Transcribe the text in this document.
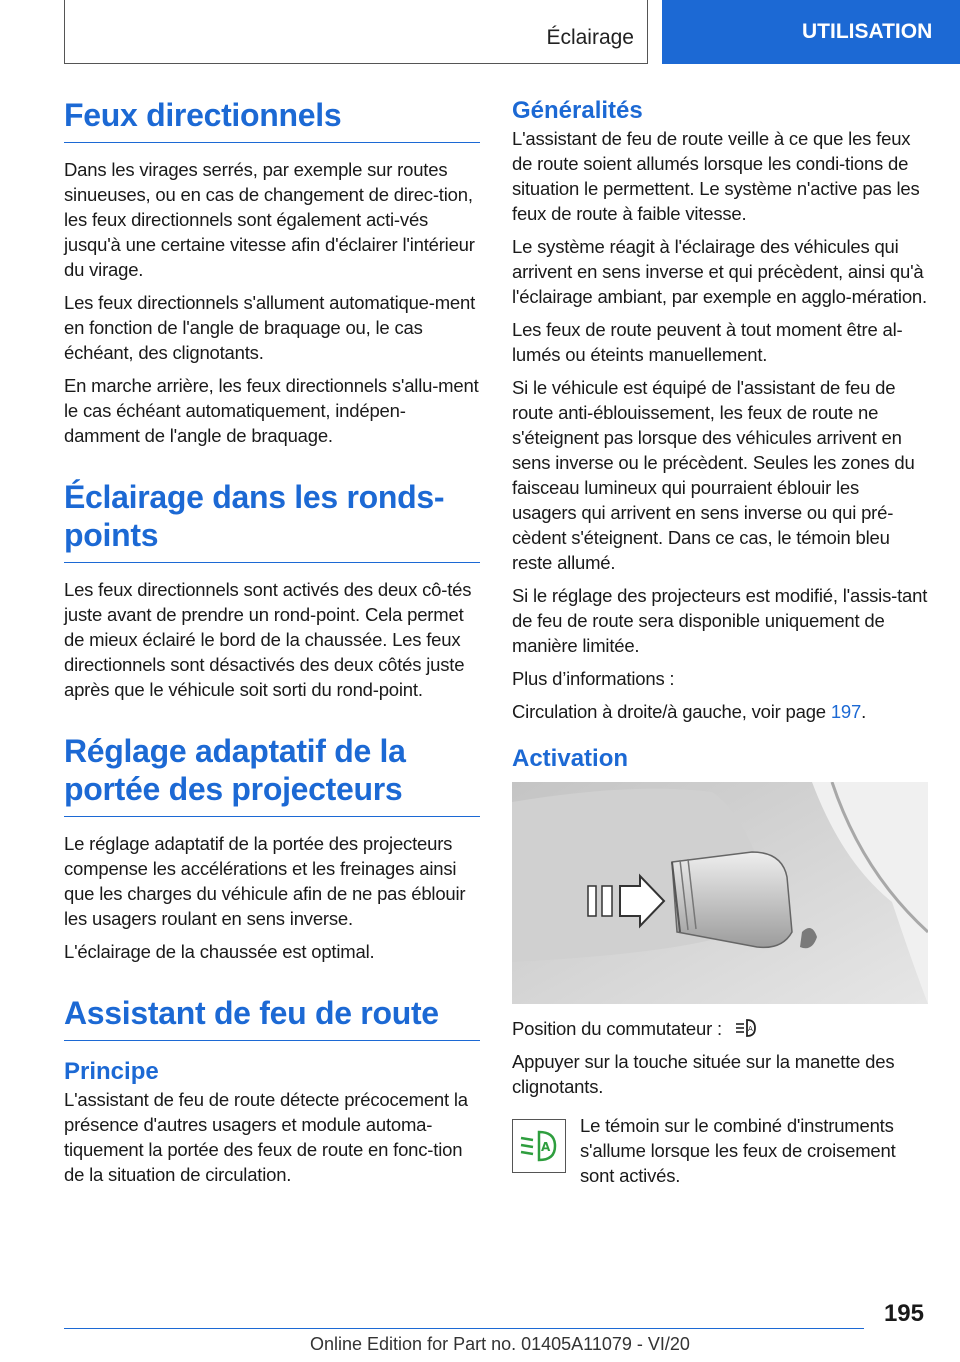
Éclairage	UTILISATION
Feux directionnels

Dans les virages serrés, par exemple sur routes sinueuses, ou en cas de changement de direc-tion, les feux directionnels sont également acti-vés jusqu'à une certaine vitesse afin d'éclairer l'intérieur du virage.

Les feux directionnels s'allument automatique-ment en fonction de l'angle de braquage ou, le cas échéant, des clignotants.

En marche arrière, les feux directionnels s'allu-ment le cas échéant automatiquement, indépen-damment de l'angle de braquage.

Éclairage dans les ronds-points

Les feux directionnels sont activés des deux cô-tés juste avant de prendre un rond-point. Cela permet de mieux éclairé le bord de la chaussée. Les feux directionnels sont désactivés des deux côtés juste après que le véhicule soit sorti du rond-point.

Réglage adaptatif de la portée des projecteurs

Le réglage adaptatif de la portée des projecteurs compense les accélérations et les freinages ainsi que les charges du véhicule afin de ne pas éblouir les usagers roulant en sens inverse.

L'éclairage de la chaussée est optimal.

Assistant de feu de route
Principe

L'assistant de feu de route détecte précocement la présence d'autres usagers et module automa-tiquement la portée des feux de route en fonc-tion de la situation de circulation.

Généralités

L'assistant de feu de route veille à ce que les feux de route soient allumés lorsque les condi-tions de situation le permettent. Le système n'active pas les feux de route à faible vitesse.

Le système réagit à l'éclairage des véhicules qui arrivent en sens inverse et qui précèdent, ainsi qu'à l'éclairage ambiant, par exemple en agglo-mération.

Les feux de route peuvent à tout moment être al-lumés ou éteints manuellement.

Si le véhicule est équipé de l'assistant de feu de route anti-éblouissement, les feux de route ne s'éteignent pas lorsque des véhicules arrivent en sens inverse ou le précèdent. Seules les zones du faisceau lumineux qui pourraient éblouir les usagers qui arrivent en sens inverse ou qui pré-cèdent s'éteignent. Dans ce cas, le témoin bleu reste allumé.

Si le réglage des projecteurs est modifié, l'assis-tant de feu de route sera disponible uniquement de manière limitée.

Plus d’informations :

Circulation à droite/à gauche, voir page 197.

Activation

Position du commutateur :	A

Appuyer sur la touche située sur la manette des clignotants.

A

Le témoin sur le combiné d'instruments s'allume lorsque les feux de croisement sont activés.

195
Online Edition for Part no. 01405A11079 - VI/20
